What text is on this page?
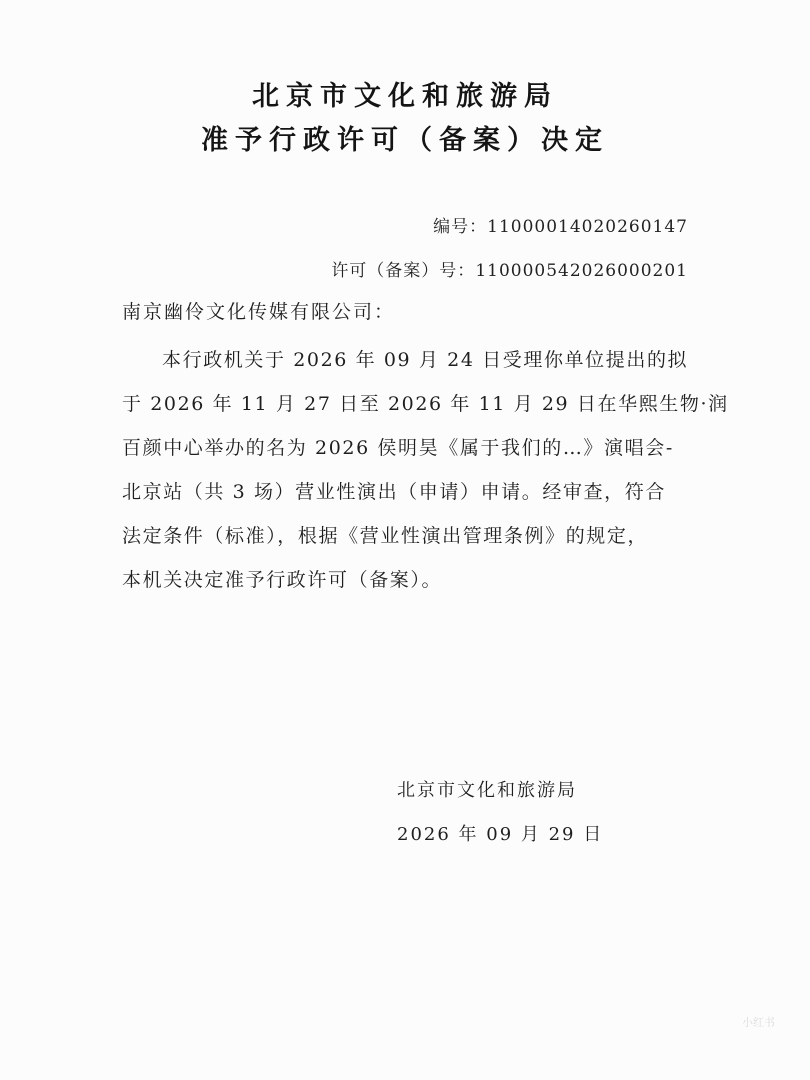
北京市文化和旅游局
准予行政许可（备案）决定
编号：11000014020260147
许可（备案）号：110000542026000201
南京幽伶文化传媒有限公司：
本行政机关于 2026 年 09 月 24 日受理你单位提出的拟
于 2026 年 11 月 27 日至 2026 年 11 月 29 日在华熙生物·润
百颜中心举办的名为 2026 侯明昊《属于我们的…》演唱会-
北京站（共 3 场）营业性演出（申请）申请。经审查，符合
法定条件（标准），根据《营业性演出管理条例》的规定，
本机关决定准予行政许可（备案）。
北京市文化和旅游局
2026 年 09 月 29 日
小红书
